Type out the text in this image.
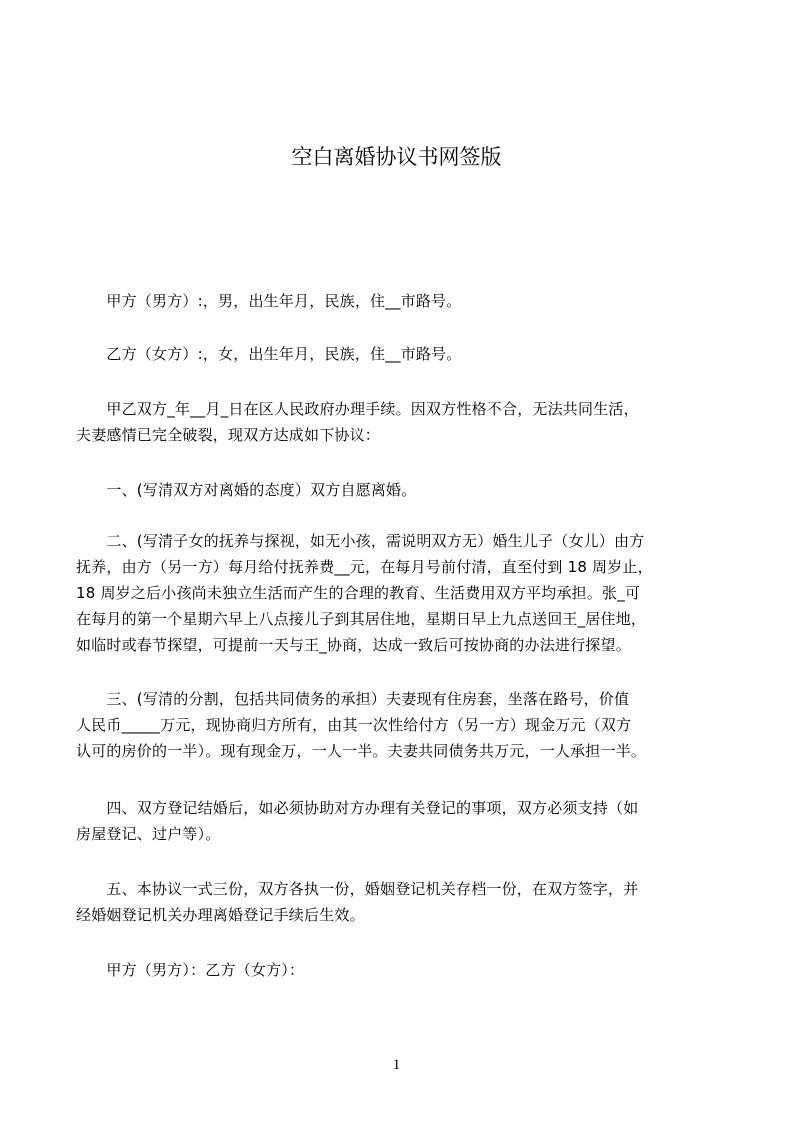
空白离婚协议书网签版

　　甲方（男方）:，男，出生年月，民族，住__市路号。

　　乙方（女方）:，女，出生年月，民族，住__市路号。

　　甲乙双方_年__月_日在区人民政府办理手续。因双方性格不合，无法共同生活，
夫妻感情已完全破裂，现双方达成如下协议：

　　一、(写清双方对离婚的态度）双方自愿离婚。

　　二、(写清子女的抚养与探视，如无小孩，需说明双方无）婚生儿子（女儿）由方
抚养，由方（另一方）每月给付抚养费__元，在每月号前付清，直至付到 18 周岁止，
18 周岁之后小孩尚未独立生活而产生的合理的教育、生活费用双方平均承担。张_可
在每月的第一个星期六早上八点接儿子到其居住地，星期日早上九点送回王_居住地，
如临时或春节探望，可提前一天与王_协商，达成一致后可按协商的办法进行探望。

　　三、(写清的分割，包括共同债务的承担）夫妻现有住房套，坐落在路号，价值
人民币_____万元，现协商归方所有，由其一次性给付方（另一方）现金万元（双方
认可的房价的一半）。现有现金万，一人一半。夫妻共同债务共万元，一人承担一半。

　　四、双方登记结婚后，如必须协助对方办理有关登记的事项，双方必须支持（如
房屋登记、过户等）。

　　五、本协议一式三份，双方各执一份，婚姻登记机关存档一份，在双方签字，并
经婚姻登记机关办理离婚登记手续后生效。

　　甲方（男方）：乙方（女方）：

1
